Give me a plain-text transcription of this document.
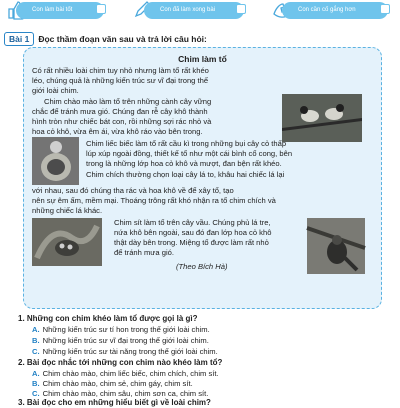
Con làm bài tốt	Con đã làm xong bài	Con cần cố gắng hơn
Bài 1	Đọc thầm đoạn văn sau và trả lời câu hỏi:
Chim làm tổ
Có rất nhiều loài chim tuy nhỏ nhưng làm tổ rất khéo
léo, chúng quả là những kiến trúc sư vĩ đại trong thế
giới loài chim.
Chim chào mào làm tổ trên những cành cây vững
chắc để tránh mưa gió. Chúng đan rễ cây khô thành
hình tròn như chiếc bát con, rồi những sợi rác nhỏ và
hoa cỏ khô, vừa êm ái, vừa khô ráo vào bên trong.
Chim liếc biếc làm tổ rất cầu kì trong những bụi cây cỏ thấp
lúp xúp ngoài đồng, thiết kế tổ như một cái bình cổ cong, bên
trong là những lớp hoa cỏ khô và mượt, đan bện rất khéo.
Chim chích thường chọn loại cây lá to, khâu hai chiếc lá lại
với nhau, sau đó chúng tha rác và hoa khô về để xây tổ, tạo
nên sự êm ấm, mềm mại. Thoáng trông rất khó nhận ra tổ chim chích và
những chiếc lá khác.
Chim sít làm tổ trên cây vầu. Chúng phủ lá tre,
nứa khô bên ngoài, sau đó đan lớp hoa cỏ khô
thật dày bên trong. Miệng tổ được làm rất nhỏ
để tránh mưa gió.
(Theo Bích Hà)
1. Những con chim khéo làm tổ được gọi là gì?
A. Những kiến trúc sư tí hon trong thế giới loài chim.
B. Những kiến trúc sư vĩ đại trong thế giới loài chim.
C. Những kiến trúc sư tài năng trong thế giới loài chim.
2. Bài đọc nhắc tới những con chim nào khéo làm tổ?
A. Chim chào mào, chim liếc biếc, chim chích, chim sít.
B. Chim chào mào, chim sẻ, chim gáy, chim sít.
C. Chim chào mào, chim sâu, chim sơn ca, chim sít.
3. Bài đọc cho em những hiểu biết gì về loài chim?
